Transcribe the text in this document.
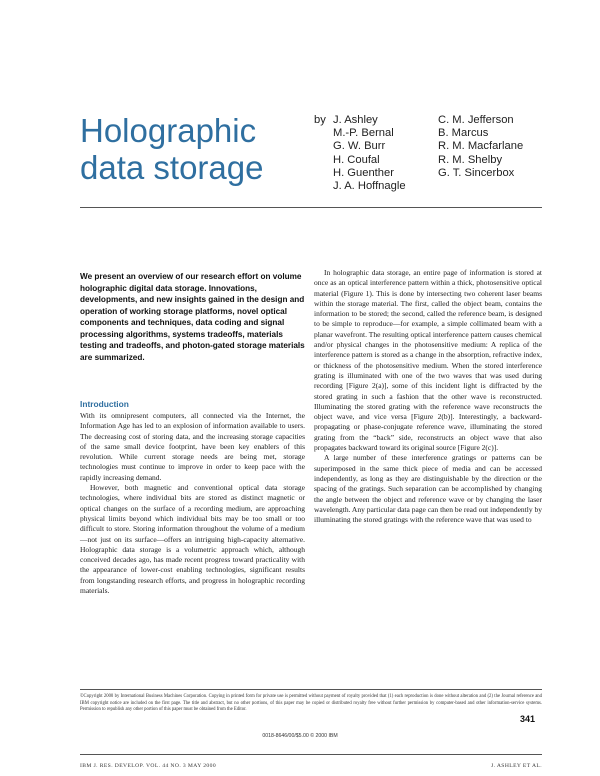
Holographic
data storage
by J. Ashley
M.-P. Bernal
G. W. Burr
H. Coufal
H. Guenther
J. A. Hoffnagle
C. M. Jefferson
B. Marcus
R. M. Macfarlane
R. M. Shelby
G. T. Sincerbox

We present an overview of our research effort on volume holographic digital data storage. Innovations, developments, and new insights gained in the design and operation of working storage platforms, novel optical components and techniques, data coding and signal processing algorithms, systems tradeoffs, materials testing and tradeoffs, and photon-gated storage materials are summarized.

Introduction

With its omnipresent computers, all connected via the Internet, the Information Age has led to an explosion of information available to users. The decreasing cost of storing data, and the increasing storage capacities of the same small device footprint, have been key enablers of this revolution. While current storage needs are being met, storage technologies must continue to improve in order to keep pace with the rapidly increasing demand.

However, both magnetic and conventional optical data storage technologies, where individual bits are stored as distinct magnetic or optical changes on the surface of a recording medium, are approaching physical limits beyond which individual bits may be too small or too difficult to store. Storing information throughout the volume of a medium—not just on its surface—offers an intriguing high-capacity alternative. Holographic data storage is a volumetric approach which, although conceived decades ago, has made recent progress toward practicality with the appearance of lower-cost enabling technologies, significant results from longstanding research efforts, and progress in holographic recording materials.

In holographic data storage, an entire page of information is stored at once as an optical interference pattern within a thick, photosensitive optical material (Figure 1). This is done by intersecting two coherent laser beams within the storage material. The first, called the object beam, contains the information to be stored; the second, called the reference beam, is designed to be simple to reproduce—for example, a simple collimated beam with a planar wavefront. The resulting optical interference pattern causes chemical and/or physical changes in the photosensitive medium: A replica of the interference pattern is stored as a change in the absorption, refractive index, or thickness of the photosensitive medium. When the stored interference grating is illuminated with one of the two waves that was used during recording [Figure 2(a)], some of this incident light is diffracted by the stored grating in such a fashion that the other wave is reconstructed. Illuminating the stored grating with the reference wave reconstructs the object wave, and vice versa [Figure 2(b)]. Interestingly, a backward-propagating or phase-conjugate reference wave, illuminating the stored grating from the “back” side, reconstructs an object wave that also propagates backward toward its original source [Figure 2(c)].

A large number of these interference gratings or patterns can be superimposed in the same thick piece of media and can be accessed independently, as long as they are distinguishable by the direction or the spacing of the gratings. Such separation can be accomplished by changing the angle between the object and reference wave or by changing the laser wavelength. Any particular data page can then be read out independently by illuminating the stored gratings with the reference wave that was used to

©Copyright 2000 by International Business Machines Corporation. Copying in printed form for private use is permitted without payment of royalty provided that (1) each reproduction is done without alteration and (2) the Journal reference and IBM copyright notice are included on the first page. The title and abstract, but no other portions, of this paper may be copied or distributed royalty free without further permission by computer-based and other information-service systems. Permission to republish any other portion of this paper must be obtained from the Editor.

341
0018-8646/00/$5.00 © 2000 IBM
IBM J. RES. DEVELOP. VOL. 44 NO. 3 MAY 2000	J. ASHLEY ET AL.
